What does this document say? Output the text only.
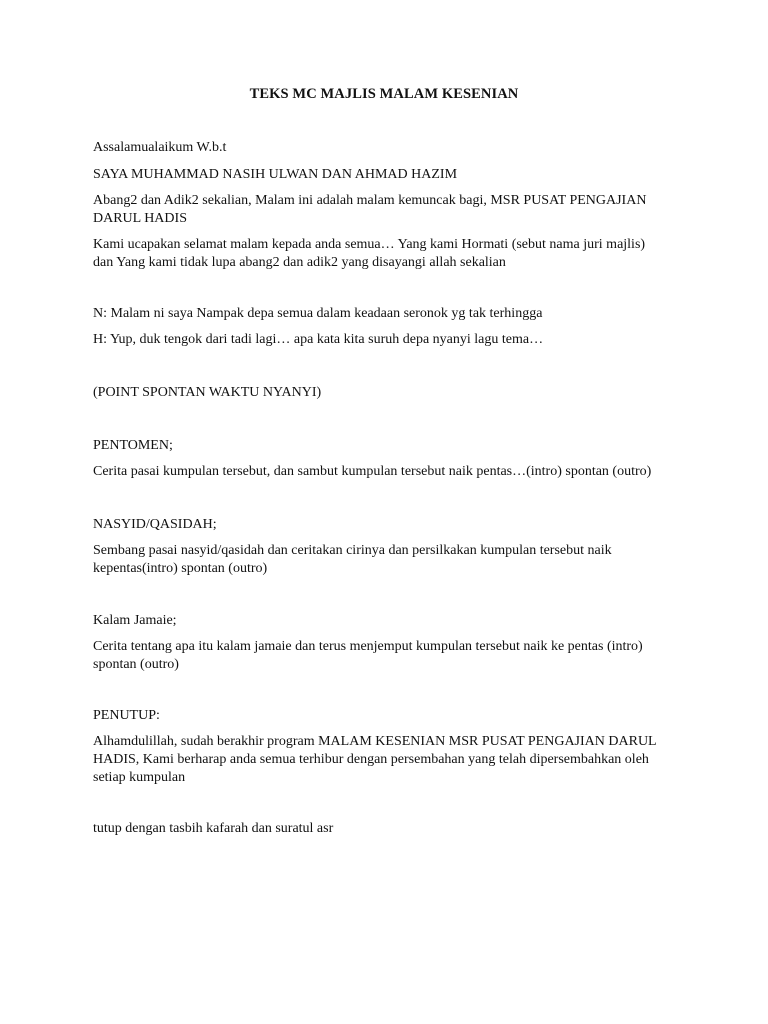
TEKS MC MAJLIS MALAM KESENIAN

Assalamualaikum W.b.t

SAYA MUHAMMAD NASIH ULWAN DAN AHMAD HAZIM

Abang2 dan Adik2 sekalian, Malam ini adalah malam kemuncak bagi, MSR PUSAT PENGAJIAN
DARUL HADIS
Kami ucapakan selamat malam kepada anda semua… Yang kami Hormati (sebut nama juri majlis)
dan Yang kami tidak lupa abang2 dan adik2 yang disayangi allah sekalian

N: Malam ni saya Nampak depa semua dalam keadaan seronok yg tak terhingga

H: Yup, duk tengok dari tadi lagi… apa kata kita suruh depa nyanyi lagu tema…

(POINT SPONTAN WAKTU NYANYI)

PENTOMEN;

Cerita pasai kumpulan tersebut, dan sambut kumpulan tersebut naik pentas…(intro) spontan (outro)

NASYID/QASIDAH;

Sembang pasai nasyid/qasidah dan ceritakan cirinya dan persilkakan kumpulan tersebut naik
kepentas(intro) spontan (outro)

Kalam Jamaie;

Cerita tentang apa itu kalam jamaie dan terus menjemput kumpulan tersebut naik ke pentas (intro)
spontan (outro)

PENUTUP:

Alhamdulillah, sudah berakhir program MALAM KESENIAN MSR PUSAT PENGAJIAN DARUL
HADIS, Kami berharap anda semua terhibur dengan persembahan yang telah dipersembahkan oleh
setiap kumpulan

tutup dengan tasbih kafarah dan suratul asr
